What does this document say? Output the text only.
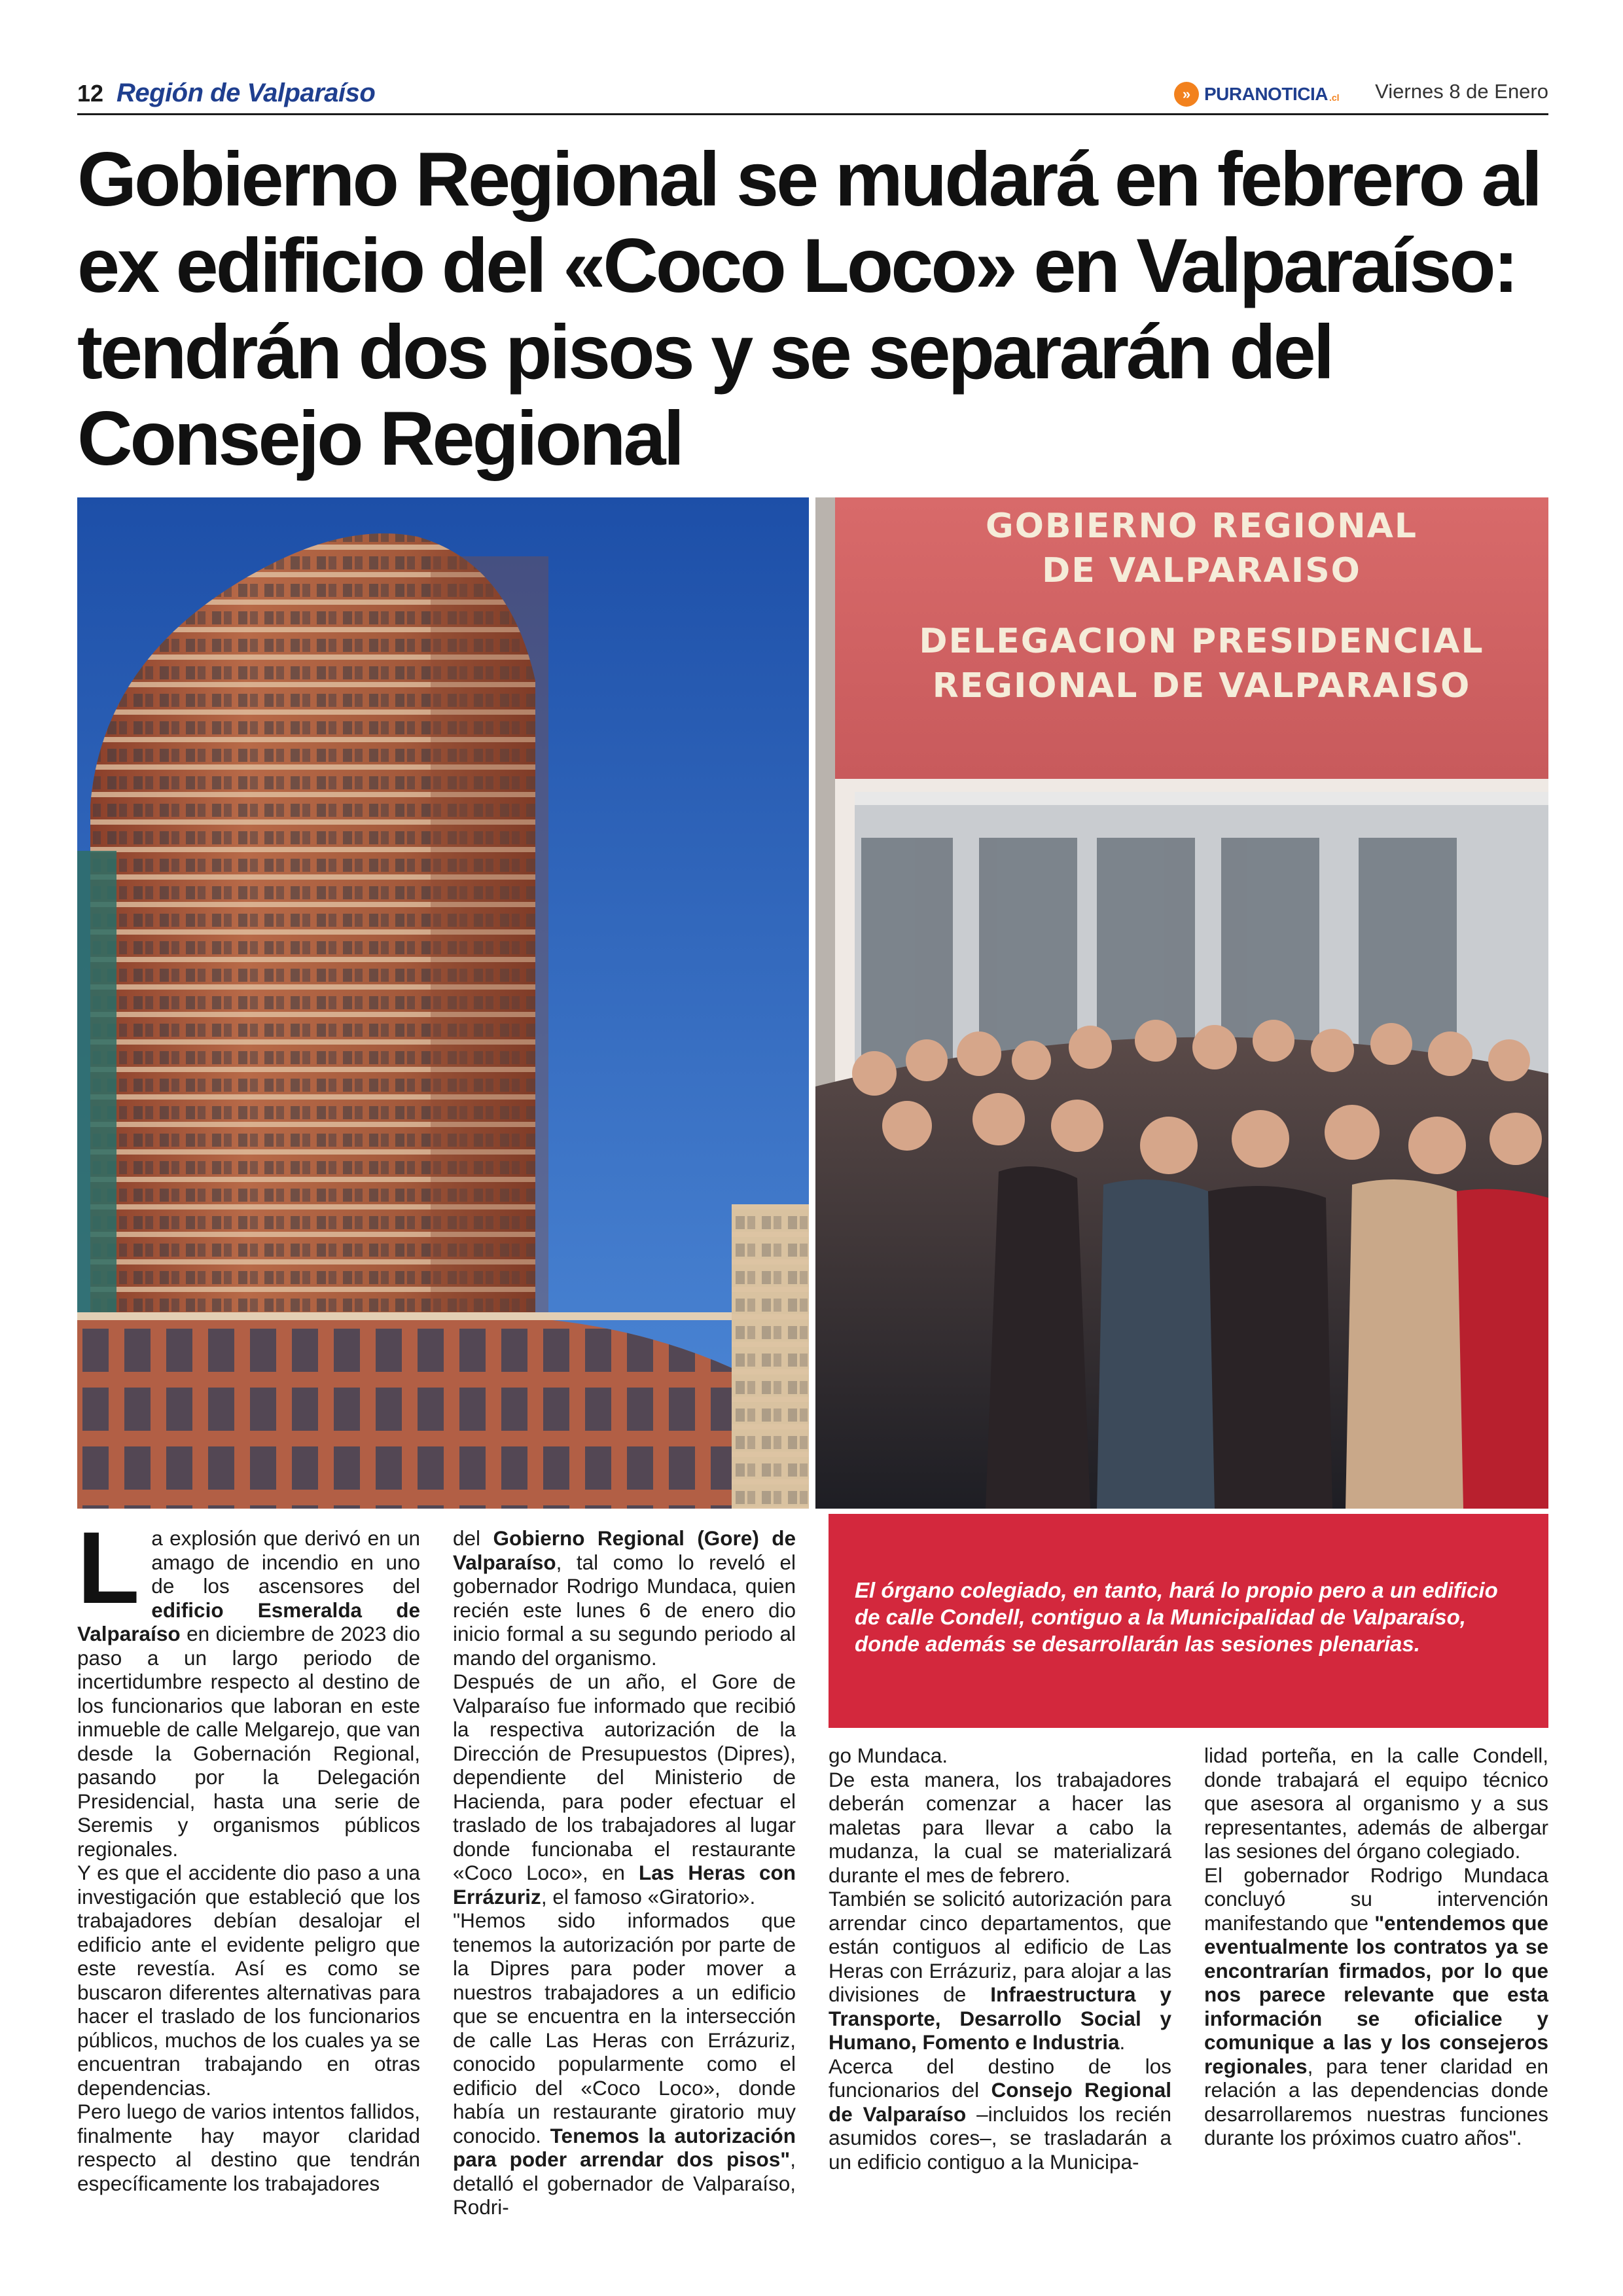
12 Región de Valparaíso	» PURANOTICIA .cl Viernes 8 de Enero
Gobierno Regional se mudará en febrero al ex edificio del «Coco Loco» en Valparaíso: tendrán dos pisos y se separarán del Consejo Regional
GOBIERNO REGIONAL
DE VALPARAISO
DELEGACION PRESIDENCIAL
REGIONAL DE VALPARAISO

El órgano colegiado, en tanto, hará lo propio pero a un edificio de calle Condell, contiguo a la Municipalidad de Valparaíso, donde además se desarrollarán las sesiones plenarias.

La explosión que derivó en un amago de incendio en uno de los ascensores del edificio Esmeralda de Valparaíso en diciembre de 2023 dio paso a un largo periodo de incertidumbre respecto al destino de los funcionarios que laboran en este inmueble de calle Melgarejo, que van desde la Gobernación Regional, pasando por la Delegación Presidencial, hasta una serie de Seremis y organismos públicos regionales.

Y es que el accidente dio paso a una investigación que estableció que los trabajadores debían desalojar el edificio ante el evidente peligro que este revestía. Así es como se buscaron diferentes alternativas para hacer el traslado de los funcionarios públicos, muchos de los cuales ya se encuentran trabajando en otras dependencias.

Pero luego de varios intentos fallidos, finalmente hay mayor claridad respecto al destino que tendrán específicamente los trabajadores

del Gobierno Regional (Gore) de Valparaíso, tal como lo reveló el gobernador Rodrigo Mundaca, quien recién este lunes 6 de enero dio inicio formal a su segundo periodo al mando del organismo.

Después de un año, el Gore de Valparaíso fue informado que recibió la respectiva autorización de la Dirección de Presupuestos (Dipres), dependiente del Ministerio de Hacienda, para poder efectuar el traslado de los trabajadores al lugar donde funcionaba el restaurante «Coco Loco», en Las Heras con Errázuriz, el famoso «Giratorio».

"Hemos sido informados que tenemos la autorización por parte de la Dipres para poder mover a nuestros trabajadores a un edificio que se encuentra en la intersección de calle Las Heras con Errázuriz, conocido popularmente como el edificio del «Coco Loco», donde había un restaurante giratorio muy conocido. Tenemos la autorización para poder arrendar dos pisos", detalló el gobernador de Valparaíso, Rodri-

go Mundaca.

De esta manera, los trabajadores deberán comenzar a hacer las maletas para llevar a cabo la mudanza, la cual se materializará durante el mes de febrero.

También se solicitó autorización para arrendar cinco departamentos, que están contiguos al edificio de Las Heras con Errázuriz, para alojar a las divisiones de Infraestructura y Transporte, Desarrollo Social y Humano, Fomento e Industria.

Acerca del destino de los funcionarios del Consejo Regional de Valparaíso –incluidos los recién asumidos cores–, se trasladarán a un edificio contiguo a la Municipa-

lidad porteña, en la calle Condell, donde trabajará el equipo técnico que asesora al organismo y a sus representantes, además de albergar las sesiones del órgano colegiado.

El gobernador Rodrigo Mundaca concluyó su intervención manifestando que "entendemos que eventualmente los contratos ya se encontrarían firmados, por lo que nos parece relevante que esta información se oficialice y comunique a las y los consejeros regionales, para tener claridad en relación a las dependencias donde desarrollaremos nuestras funciones durante los próximos cuatro años".
